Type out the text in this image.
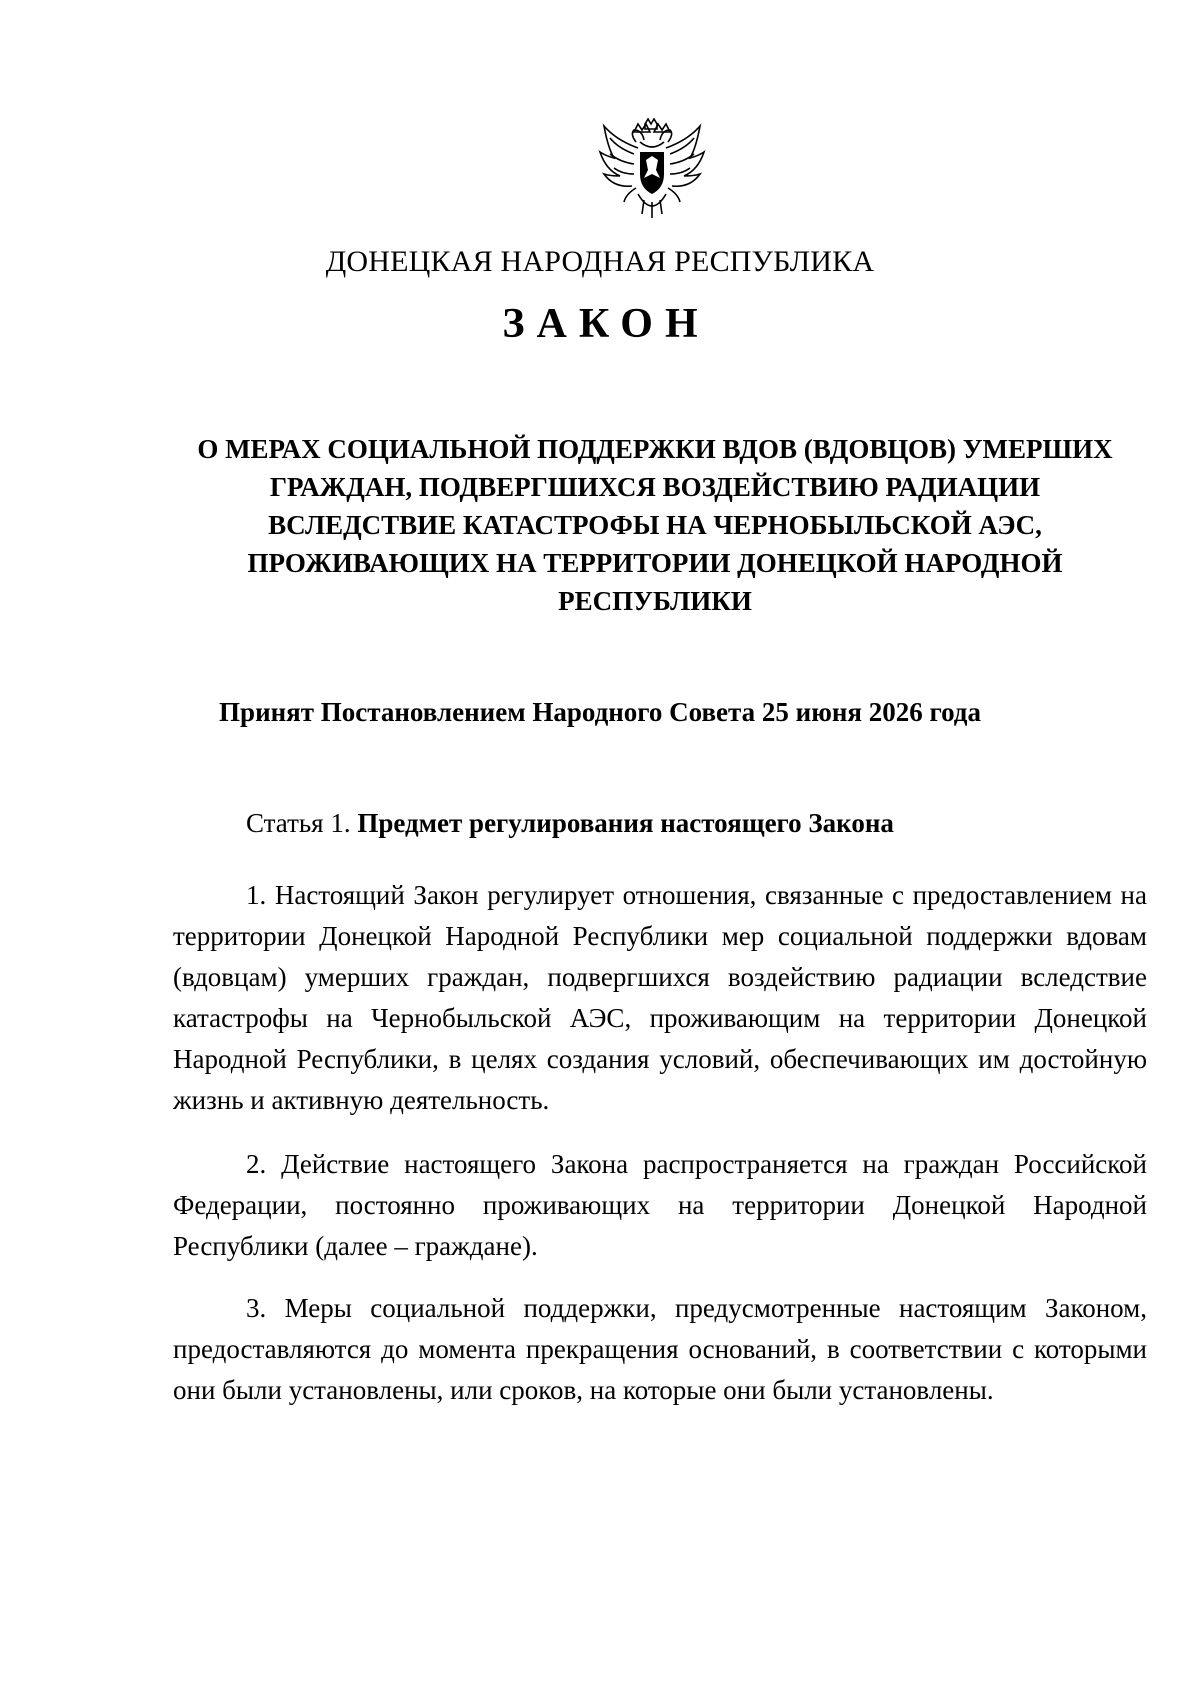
ДОНЕЦКАЯ НАРОДНАЯ РЕСПУБЛИКА
ЗАКОН
О МЕРАХ СОЦИАЛЬНОЙ ПОДДЕРЖКИ ВДОВ (ВДОВЦОВ) УМЕРШИХ
ГРАЖДАН, ПОДВЕРГШИХСЯ ВОЗДЕЙСТВИЮ РАДИАЦИИ
ВСЛЕДСТВИЕ КАТАСТРОФЫ НА ЧЕРНОБЫЛЬСКОЙ АЭС,
ПРОЖИВАЮЩИХ НА ТЕРРИТОРИИ ДОНЕЦКОЙ НАРОДНОЙ
РЕСПУБЛИКИ
Принят Постановлением Народного Совета 25 июня 2026 года
Статья 1. Предмет регулирования настоящего Закона
1. Настоящий Закон регулирует отношения, связанные с предоставлением на территории Донецкой Народной Республики мер социальной поддержки вдовам (вдовцам) умерших граждан, подвергшихся воздействию радиации вследствие катастрофы на Чернобыльской АЭС, проживающим на территории Донецкой Народной Республики, в целях создания условий, обеспечивающих им достойную жизнь и активную деятельность.
2. Действие настоящего Закона распространяется на граждан Российской Федерации, постоянно проживающих на территории Донецкой Народной Республики (далее – граждане).
3. Меры социальной поддержки, предусмотренные настоящим Законом, предоставляются до момента прекращения оснований, в соответствии с которыми они были установлены, или сроков, на которые они были установлены.
